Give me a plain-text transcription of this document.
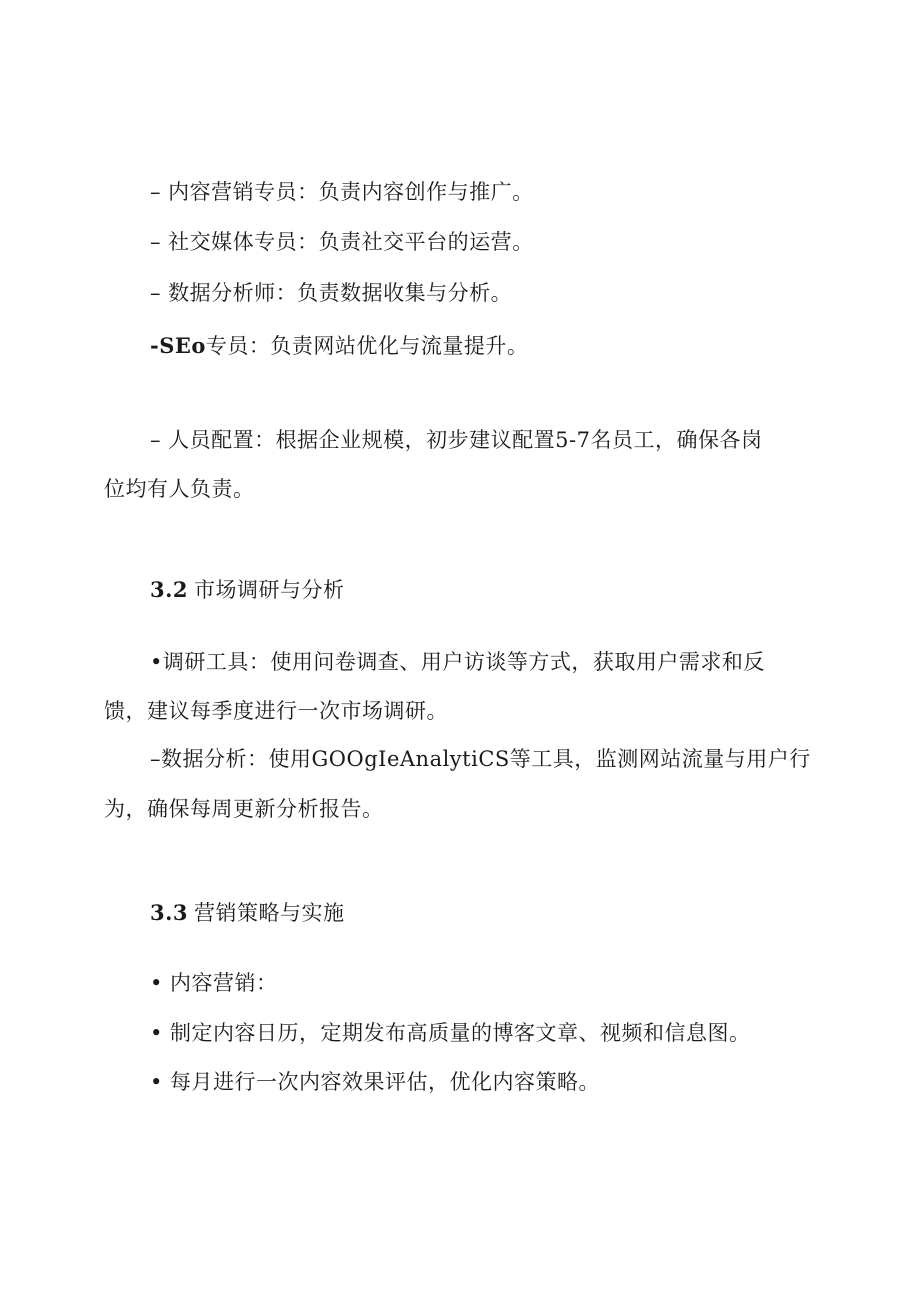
– 内容营销专员：负责内容创作与推广。
– 社交媒体专员：负责社交平台的运营。
– 数据分析师：负责数据收集与分析。
-SEo专员：负责网站优化与流量提升。
– 人员配置：根据企业规模，初步建议配置5-7名员工，确保各岗
位均有人负责。
3.2 市场调研与分析
•调研工具：使用问卷调查、用户访谈等方式，获取用户需求和反
馈，建议每季度进行一次市场调研。
–数据分析：使用GOOgIeAnalytiCS等工具，监测网站流量与用户行
为，确保每周更新分析报告。
3.3 营销策略与实施
• 内容营销：
• 制定内容日历，定期发布高质量的博客文章、视频和信息图。
• 每月进行一次内容效果评估，优化内容策略。
